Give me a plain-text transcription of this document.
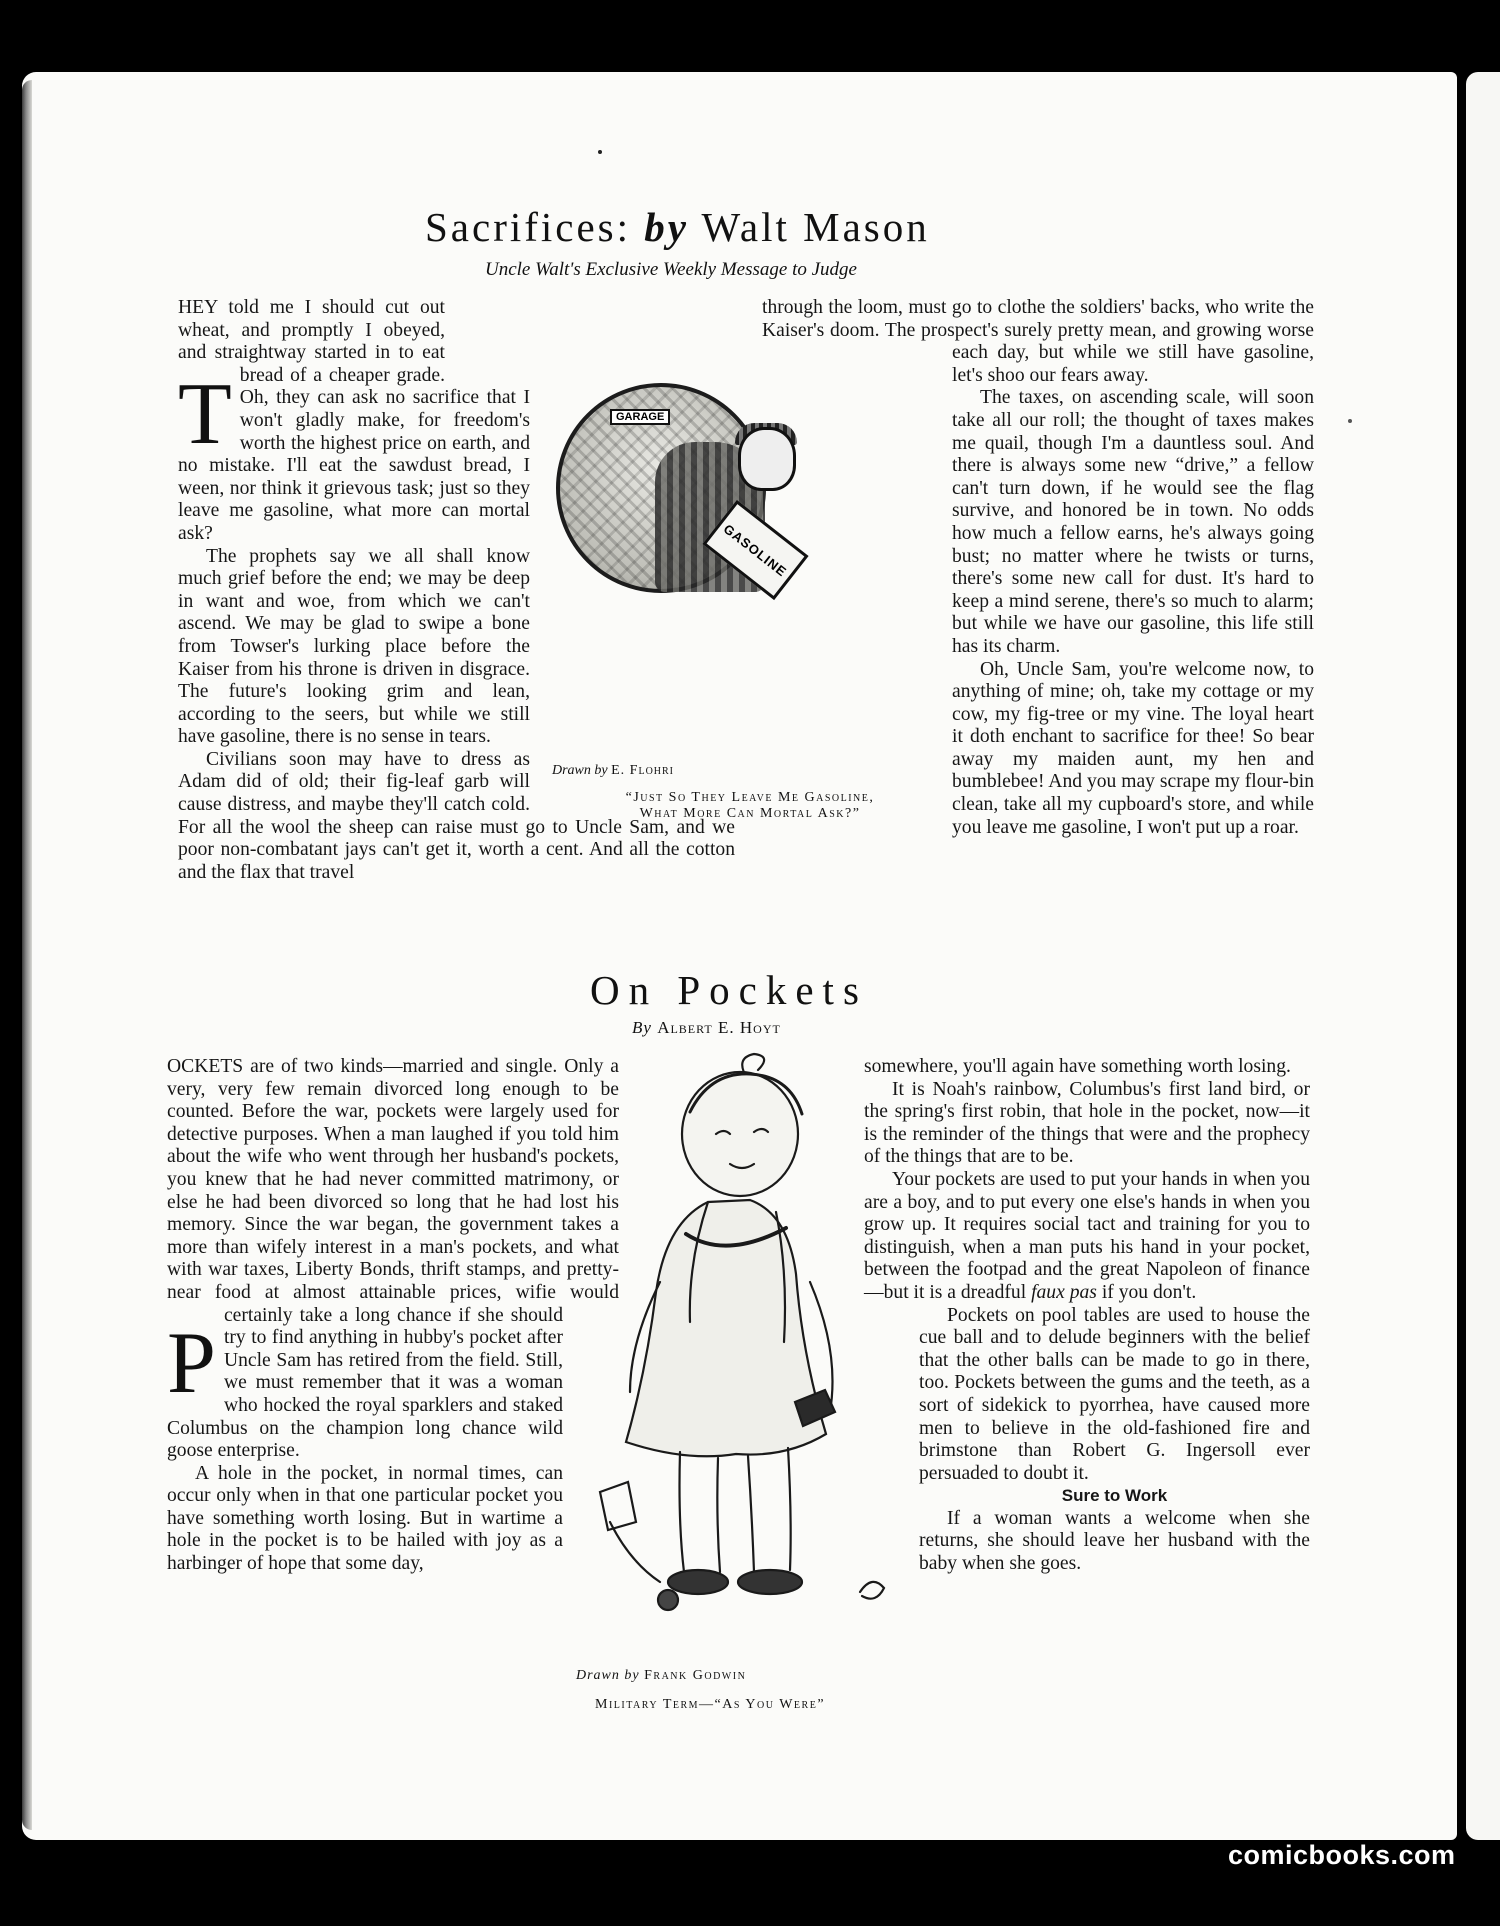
Sacrifices: by Walt Mason
Uncle Walt's Exclusive Weekly Message to Judge

T
HEY told me I should cut out wheat, and promptly I obeyed, and straightway started in to eat bread of a cheaper grade. Oh, they can ask no sacrifice that I won't gladly make, for freedom's worth the highest price on earth, and no mistake. I'll eat the sawdust bread, I ween, nor think it grievous task; just so they leave me gasoline, what more can mortal ask?

The prophets say we all shall know much grief before the end; we may be deep in want and woe, from which we can't ascend. We may be glad to swipe a bone from Towser's lurking place before the Kaiser from his throne is driven in disgrace. The future's looking grim and lean, according to the seers, but while we still have gasoline, there is no sense in tears.

Civilians soon may have to dress as Adam did of old; their fig-leaf garb will cause distress, and maybe they'll catch cold. For all the wool the sheep can raise must go to Uncle Sam, and we poor non-combatant jays can't get it, worth a cent. And all the cotton and the flax that travel

through the loom, must go to clothe the soldiers' backs, who write the Kaiser's doom. The prospect's surely pretty mean, and growing worse each day, but while we still have gasoline, let's shoo our fears away.

The taxes, on ascending scale, will soon take all our roll; the thought of taxes makes me quail, though I'm a dauntless soul. And there is always some new “drive,” a fellow can't turn down, if he would see the flag survive, and honored be in town. No odds how much a fellow earns, he's always going bust; no matter where he twists or turns, there's some new call for dust. It's hard to keep a mind serene, there's so much to alarm; but while we have our gasoline, this life still has its charm.

Oh, Uncle Sam, you're welcome now, to anything of mine; oh, take my cottage or my cow, my fig-tree or my vine. The loyal heart it doth enchant to sacrifice for thee! So bear away my maiden aunt, my hen and bumblebee! And you may scrape my flour-bin clean, take all my cupboard's store, and while you leave me gasoline, I won't put up a roar.

GARAGE
GASOLINE
Drawn by E. Flohri
“Just So They Leave Me Gasoline,
What More Can Mortal Ask?”
On Pockets
By Albert E. Hoyt

P
OCKETS are of two kinds—married and single. Only a very, very few remain divorced long enough to be counted. Before the war, pockets were largely used for detective purposes. When a man laughed if you told him about the wife who went through her husband's pockets, you knew that he had never committed matrimony, or else he had been divorced so long that he had lost his memory. Since the war began, the government takes a more than wifely interest in a man's pockets, and what with war taxes, Liberty Bonds, thrift stamps, and pretty-near food at almost attainable prices, wifie would certainly take a long chance if she should try to find anything in hubby's pocket after Uncle Sam has retired from the field. Still, we must remember that it was a woman who hocked the royal sparklers and staked Columbus on the champion long chance wild goose enterprise.

A hole in the pocket, in normal times, can occur only when in that one particular pocket you have something worth losing. But in wartime a hole in the pocket is to be hailed with joy as a harbinger of hope that some day,

somewhere, you'll again have something worth losing.

It is Noah's rainbow, Columbus's first land bird, or the spring's first robin, that hole in the pocket, now—it is the reminder of the things that were and the prophecy of the things that are to be.

Your pockets are used to put your hands in when you are a boy, and to put every one else's hands in when you grow up. It requires social tact and training for you to distinguish, when a man puts his hand in your pocket, between the footpad and the great Napoleon of finance—but it is a dreadful faux pas if you don't.

Pockets on pool tables are used to house the cue ball and to delude beginners with the belief that the other balls can be made to go in there, too. Pockets between the gums and the teeth, as a sort of sidekick to pyorrhea, have caused more men to believe in the old-fashioned fire and brimstone than Robert G. Ingersoll ever persuaded to doubt it.

Sure to Work

If a woman wants a welcome when she returns, she should leave her husband with the baby when she goes.

Drawn by Frank Godwin
Military Term—“As You Were”
comicbooks.com
